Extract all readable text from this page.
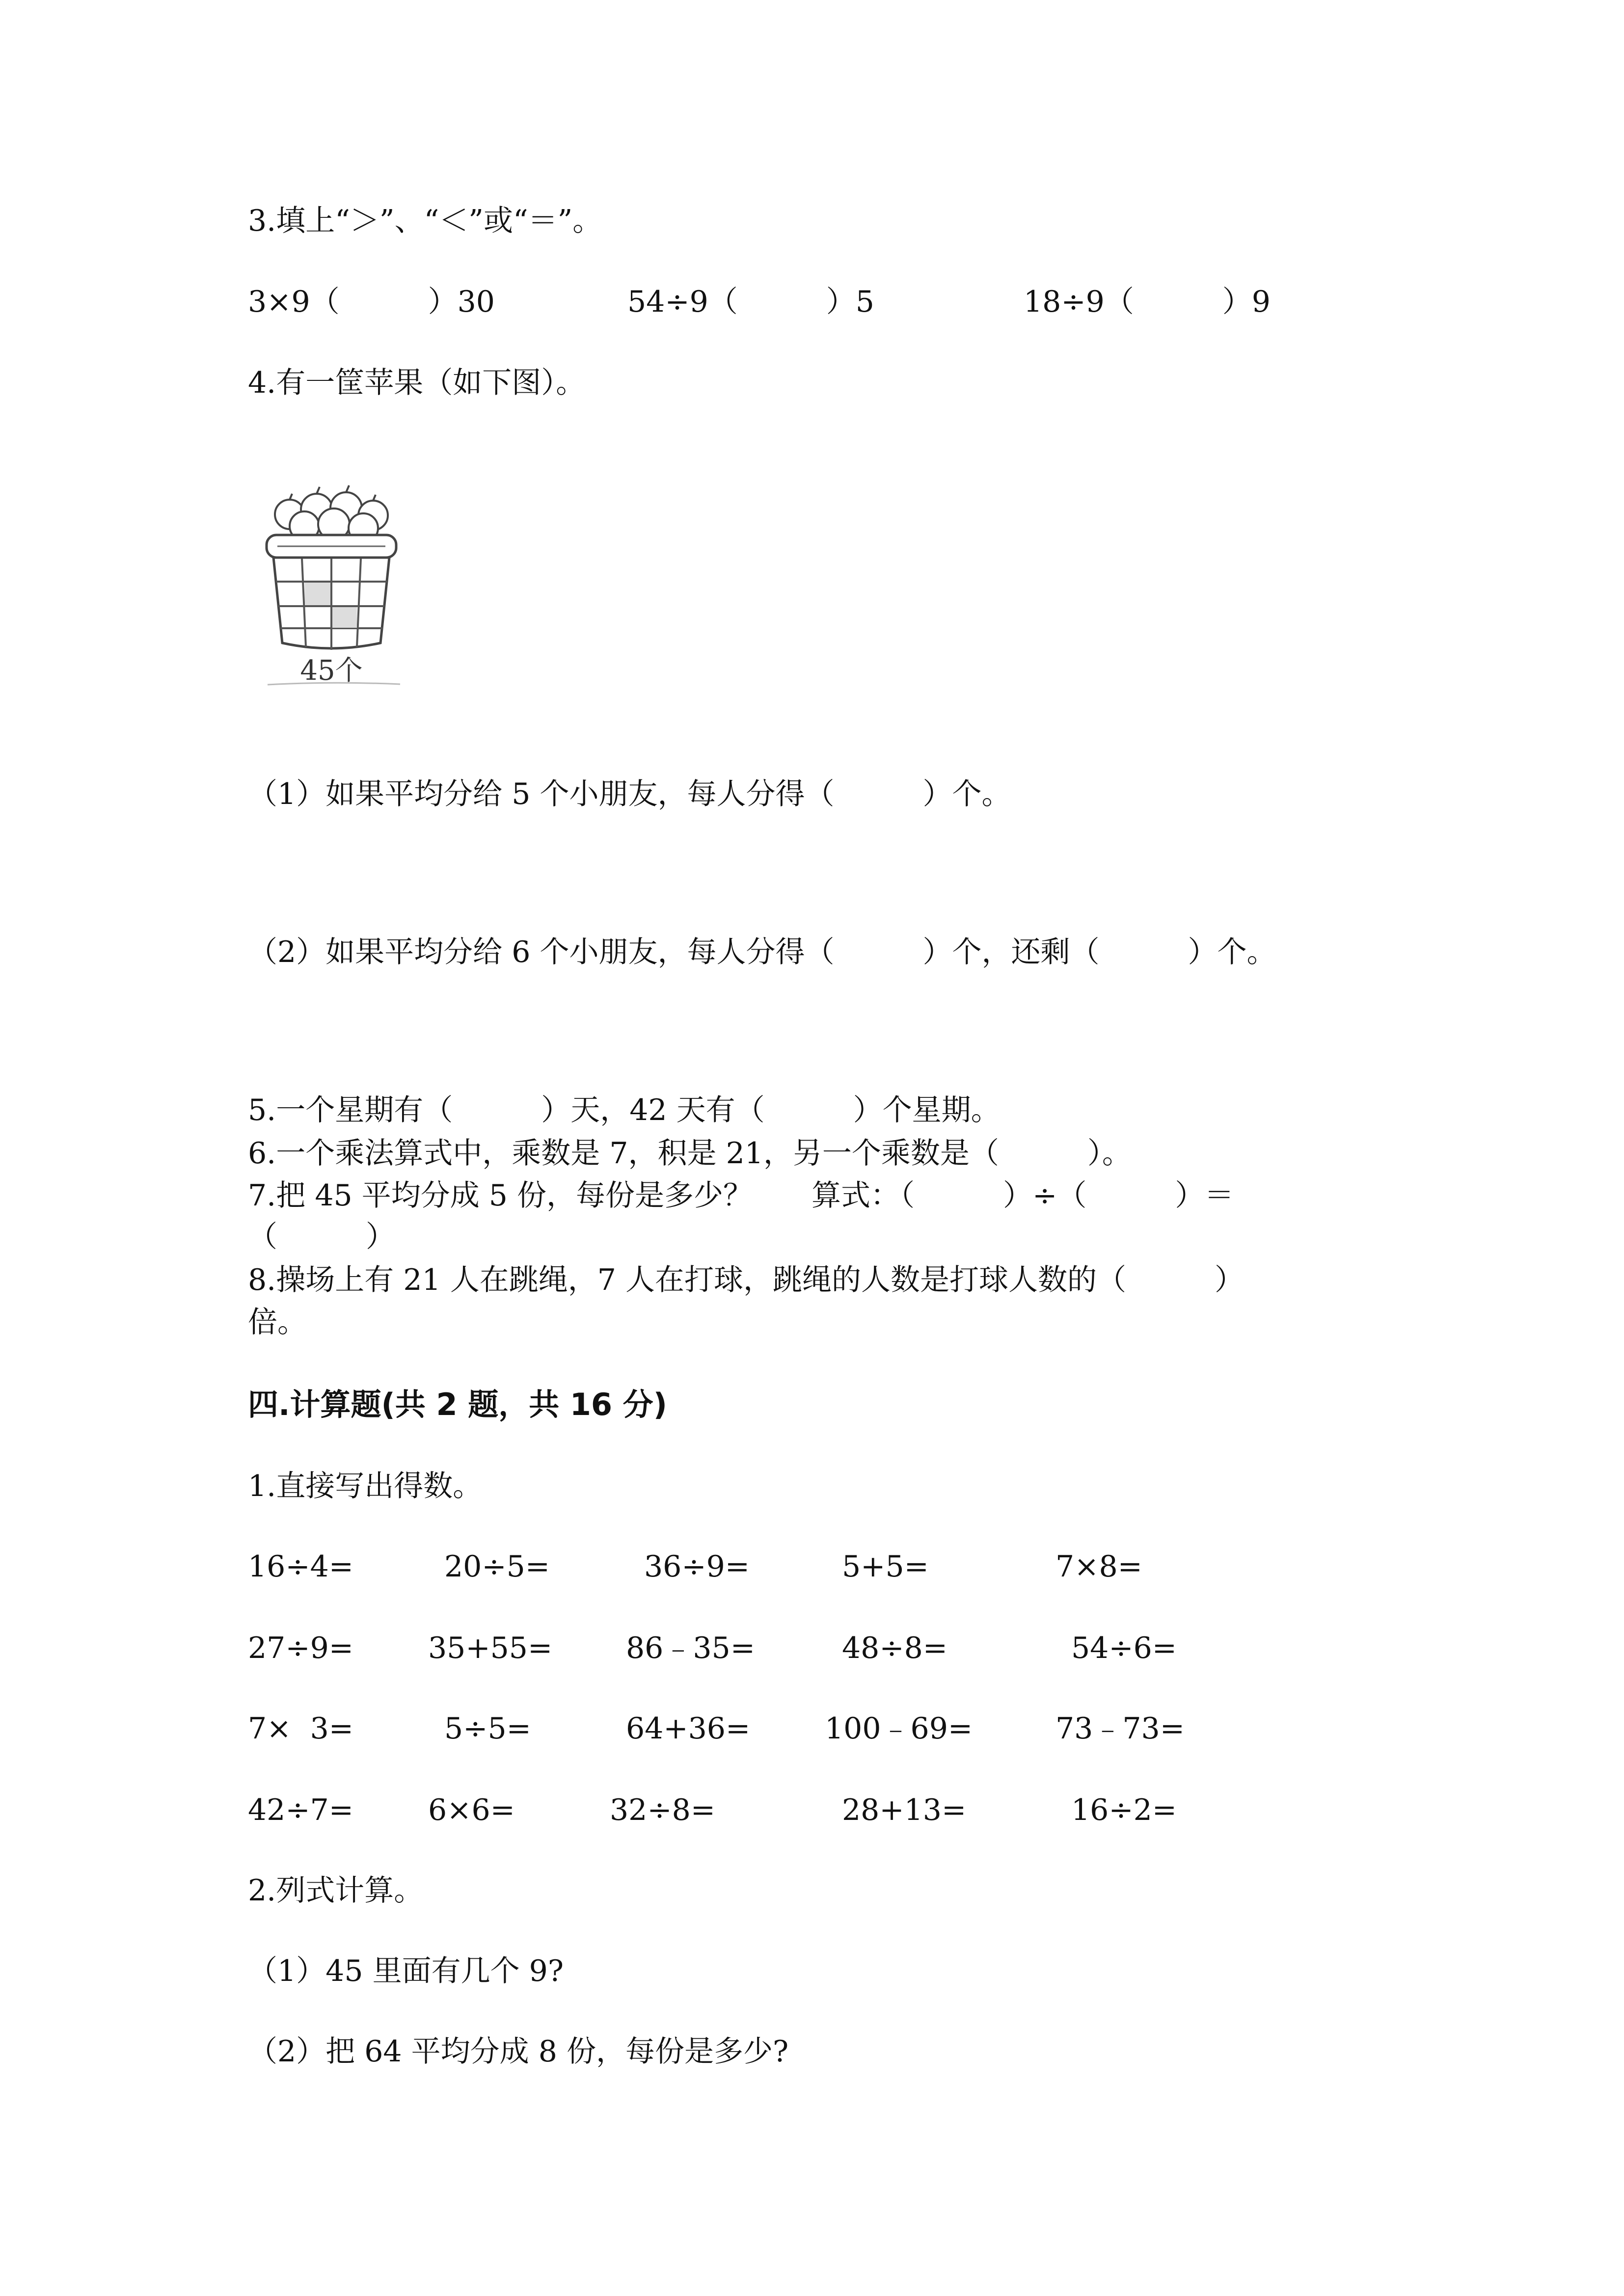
3.填上“＞”、“＜”或“＝”。
3×9（　　　）30	54÷9（　　　）5	18÷9（　　　）9
4.有一筐苹果（如下图）。
45个
（1）如果平均分给 5 个小朋友，每人分得（　　　）个。
（2）如果平均分给 6 个小朋友，每人分得（　　　）个，还剩（　　　）个。
5.一个星期有（　　　）天，42 天有（　　　）个星期。
6.一个乘法算式中，乘数是 7，积是 21，另一个乘数是（　　　）。
7.把 45 平均分成 5 份，每份是多少？　　算式：（　　　）÷（　　　）＝
（　　　）
8.操场上有 21 人在跳绳，7 人在打球，跳绳的人数是打球人数的（　　　）
倍。
四.计算题(共 2 题，共 16 分)
1.直接写出得数。
16÷4=	20÷5=	36÷9=	5+5=	7×8=
27÷9=	35+55= 86﹣35=	48÷8=	54÷6=
7×  3=	5÷5=	64+36=	100﹣69=	73﹣73=
42÷7=	6×6=	32÷8=	28+13=	16÷2=
2.列式计算。
（1）45 里面有几个 9?
（2）把 64 平均分成 8 份，每份是多少?
